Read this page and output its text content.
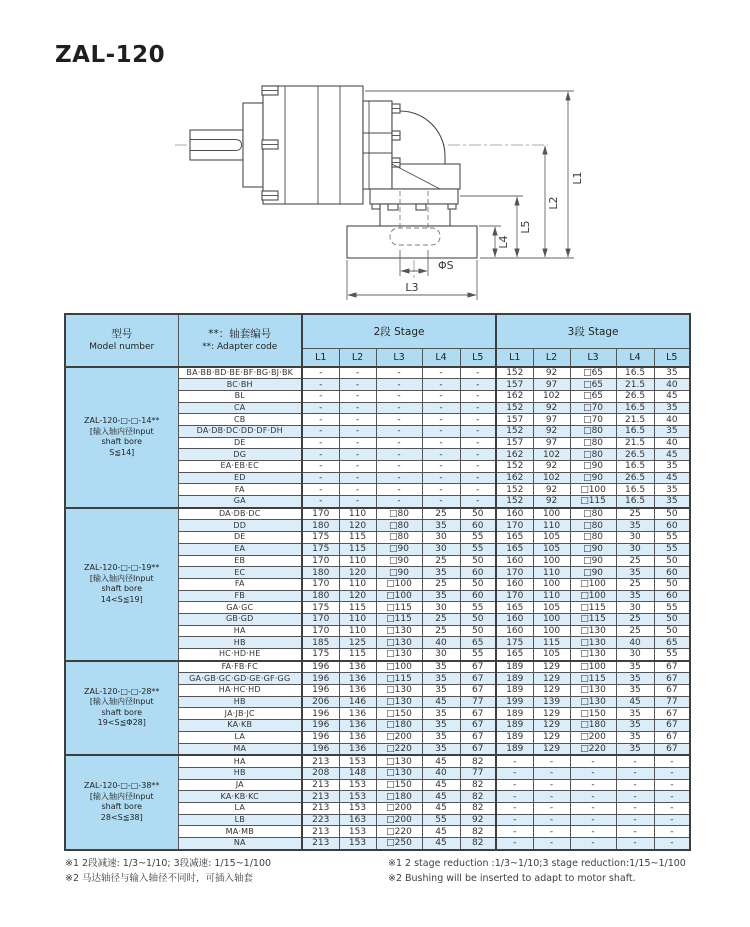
ZAL-120
L1
L2
L5
L4
ΦS
L3
型号
Model number

**：轴套编号
**: Adapter code
	2段 Stage	3段 Stage
		L1	L2	L3	L4	L5	L1	L2	L3	L4	L5

ZAL-120-□-□-14**
[输入轴内径Input
shaft bore
S≦14]	BA·BB·BD·BE·BF·BG·BJ·BK	-	-	-	-	-	152	92	□65	16.5	35
	BC·BH	-	-	-	-	-	157	97	□65	21.5	40
	BL	-	-	-	-	-	162	102	□65	26.5	45
	CA	-	-	-	-	-	152	92	□70	16.5	35
	CB	-	-	-	-	-	157	97	□70	21.5	40
	DA·DB·DC·DD·DF·DH	-	-	-	-	-	152	92	□80	16.5	35
	DE	-	-	-	-	-	157	97	□80	21.5	40
	DG	-	-	-	-	-	162	102	□80	26.5	45
	EA·EB·EC	-	-	-	-	-	152	92	□90	16.5	35
	ED	-	-	-	-	-	162	102	□90	26.5	45
	FA	-	-	-	-	-	152	92	□100	16.5	35
	GA	-	-	-	-	-	152	92	□115	16.5	35

ZAL-120-□-□-19**
[输入轴内径Input
shaft bore
14<S≦19]	DA·DB·DC	170	110	□80	25	50	160	100	□80	25	50
	DD	180	120	□80	35	60	170	110	□80	35	60
	DE	175	115	□80	30	55	165	105	□80	30	55
	EA	175	115	□90	30	55	165	105	□90	30	55
	EB	170	110	□90	25	50	160	100	□90	25	50
	EC	180	120	□90	35	60	170	110	□90	35	60
	FA	170	110	□100	25	50	160	100	□100	25	50
	FB	180	120	□100	35	60	170	110	□100	35	60
	GA·GC	175	115	□115	30	55	165	105	□115	30	55
	GB·GD	170	110	□115	25	50	160	100	□115	25	50
	HA	170	110	□130	25	50	160	100	□130	25	50
	HB	185	125	□130	40	65	175	115	□130	40	65
	HC·HD·HE	175	115	□130	30	55	165	105	□130	30	55

ZAL-120-□-□-28**
[输入轴内径Input
shaft bore
19<S≦Φ28]	FA·FB·FC	196	136	□100	35	67	189	129	□100	35	67
	GA·GB·GC·GD·GE·GF·GG	196	136	□115	35	67	189	129	□115	35	67
	HA·HC·HD	196	136	□130	35	67	189	129	□130	35	67
	HB	206	146	□130	45	77	199	139	□130	45	77
	JA·JB·JC	196	136	□150	35	67	189	129	□150	35	67
	KA·KB	196	136	□180	35	67	189	129	□180	35	67
	LA	196	136	□200	35	67	189	129	□200	35	67
	MA	196	136	□220	35	67	189	129	□220	35	67

ZAL-120-□-□-38**
[输入轴内径Input
shaft bore
28<S≦38]	HA	213	153	□130	45	82	-	-	-	-	-
	HB	208	148	□130	40	77	-	-	-	-	-
	JA	213	153	□150	45	82	-	-	-	-	-
	KA·KB·KC	213	153	□180	45	82	-	-	-	-	-
	LA	213	153	□200	45	82	-	-	-	-	-
	LB	223	163	□200	55	92	-	-	-	-	-
	MA·MB	213	153	□220	45	82	-	-	-	-	-
	NA	213	153	□250	45	82	-	-	-	-	-
※1 2段减速: 1/3~1/10; 3段减速: 1/15~1/100
※2 马达轴径与输入轴径不同时，可插入轴套
※1 2 stage reduction :1/3~1/10;3 stage reduction:1/15~1/100
※2 Bushing will be inserted to adapt to motor shaft.
